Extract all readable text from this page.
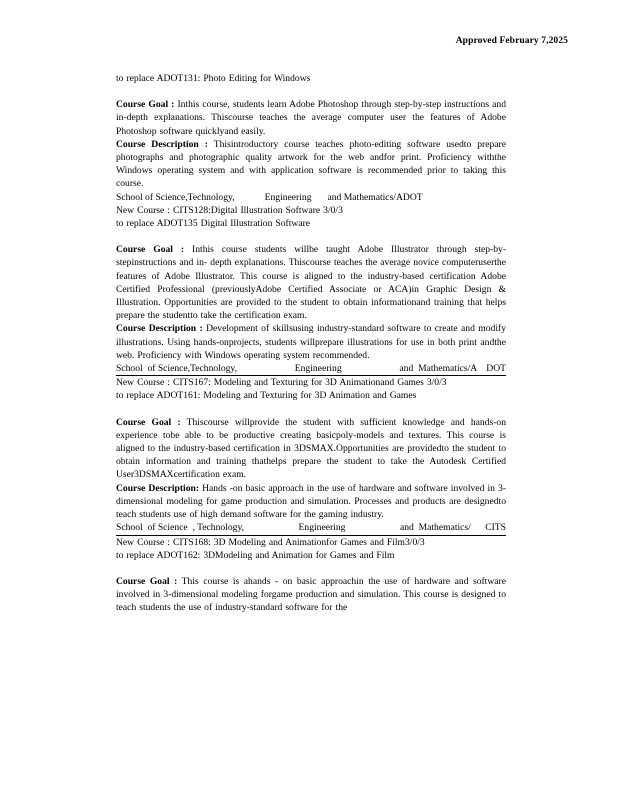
Approved February 7,2025

to replace ADOT131: Photo Editing for Windows

Course Goal : Inthis course, students learn Adobe Photoshop through step-by-step instructions and in-depth explanations. Thiscourse teaches the average computer user the features of Adobe Photoshop software quicklyand easily.

Course Description : Thisintroductory course teaches photo-editing software usedto prepare photographs and photographic quality artwork for the web andfor print. Proficiency withthe Windows operating system and with application software is recommended prior to taking this course.

School of Science,Technology,	Engineering and Mathematics/ADOT

New Course : CITS128:Digital Illustration Software 3/0/3

to replace ADOT135 Digital Illustration Software

Course Goal : Inthis course students willbe taught Adobe Illustrator through step-by-stepinstructions and in- depth explanations. Thiscourse teaches the average novice computeruserthe features of Adobe Illustrator. This course is aligned to the industry-based certification Adobe Certified Professional (previouslyAdobe Certified Associate or ACA)in Graphic Design & Illustration. Opportunities are provided to the student to obtain informationand training that helps prepare the studentto take the certification exam.

Course Description : Development of skillsusing industry-standard software to create and modify illustrations. Using hands-onprojects, students willprepare illustrations for use in both print andthe web. Proficiency with Windows operating system recommended.

School  of Science,Technology,	Engineering	and  Mathematics/A    DOT

New Course : CITS167: Modeling and Texturing for 3D Animationand Games 3/0/3

to replace ADOT161: Modeling and Texturing for 3D Animation and Games

Course Goal : Thiscourse willprovide the student with sufficient knowledge and hands-on experience tobe able to be productive creating basicpoly-models and textures. This course is aligned to the industry-based certification in 3DSMAX.Opportunities are providedto the student to obtain information and training thathelps prepare the student to take the Autodesk Certified User3DSMAXcertification exam.

Course Description: Hands -on basic approach in the use of hardware and software involved in 3-dimensional modeling for game production and simulation. Processes and products are designedto teach students use of high demand software for the gaming industry.

School  of Science  , Technology,	Engineering	and  Mathematics/      CITS

New Course : CITS168: 3D Modeling and Animationfor Games and Film3/0/3

to replace ADOT162: 3DModeling and Animation for Games and Film

Course Goal : This course is ahands - on basic approachin the use of hardware and software involved in 3-dimensional modeling forgame production and simulation. This course is designed to teach students the use of industry-standard software for the
